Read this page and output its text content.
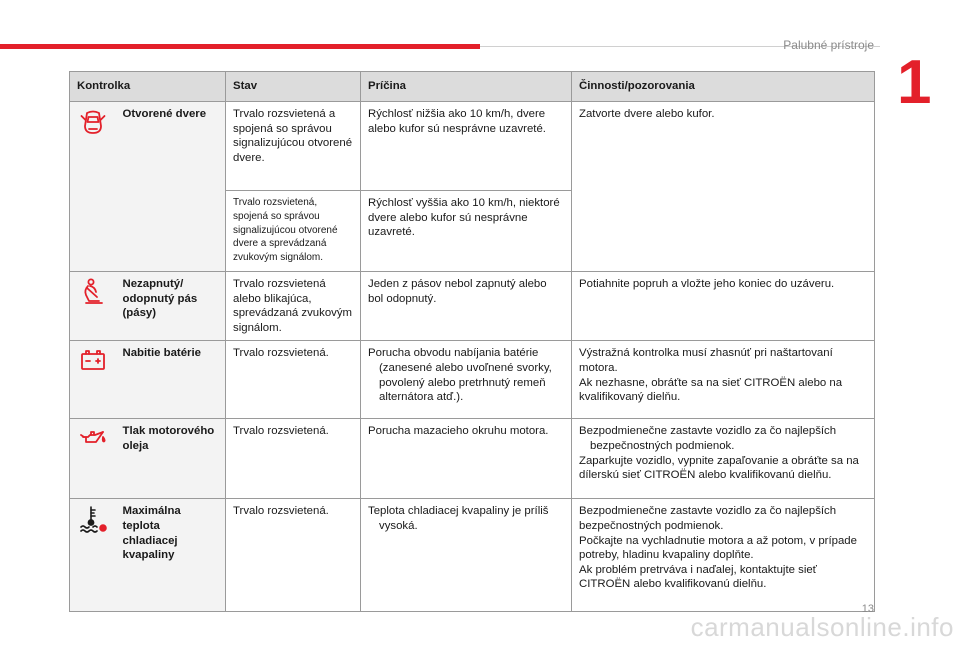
Palubné prístroje
1
Kontrolka		Stav	Príčina	Činnosti/pozorovania

	Otvorené dvere	Trvalo rozsvietená a spojená so správou signalizujúcou otvorené dvere.	Rýchlosť nižšia ako 10 km/h, dvere alebo kufor sú nesprávne uzavreté.	Zatvorte dvere alebo kufor.
		Trvalo rozsvietená, spojená so správou signalizujúcou otvorené dvere a sprevádzaná zvukovým signálom.	Rýchlosť vyššia ako 10 km/h, niektoré dvere alebo kufor sú nesprávne uzavreté.	

	Nezapnutý/ odopnutý pás (pásy)	Trvalo rozsvietená alebo blikajúca, sprevádzaná zvukovým signálom.	Jeden z pásov nebol zapnutý alebo bol odopnutý.	Potiahnite popruh a vložte jeho koniec do uzáveru.

	Nabitie batérie	Trvalo rozsvietená.	Porucha obvodu nabíjania batérie (zanesené alebo uvoľnené svorky, povolený alebo pretrhnutý remeň alternátora atď.).	Výstražná kontrolka musí zhasnúť pri naštartovaní motora.
Ak nezhasne, obráťte sa na sieť CITROËN alebo na kvalifikovaný dielňu.

	Tlak motorového oleja	Trvalo rozsvietená.	Porucha mazacieho okruhu motora.	Bezpodmienečne zastavte vozidlo za čo najlepších bezpečnostných podmienok.
Zaparkujte vozidlo, vypnite zapaľovanie a obráťte sa na dílerskú sieť CITROËN alebo kvalifikovanú dielňu.

	Maximálna teplota chladiacej kvapaliny	Trvalo rozsvietená.	Teplota chladiacej kvapaliny je príliš vysoká.	Bezpodmienečne zastavte vozidlo za čo najlepších bezpečnostných podmienok.
Počkajte na vychladnutie motora a až potom, v prípade potreby, hladinu kvapaliny doplňte.
Ak problém pretrváva i naďalej, kontaktujte sieť CITROËN alebo kvalifikovanú dielňu.
13
carmanualsonline.info
